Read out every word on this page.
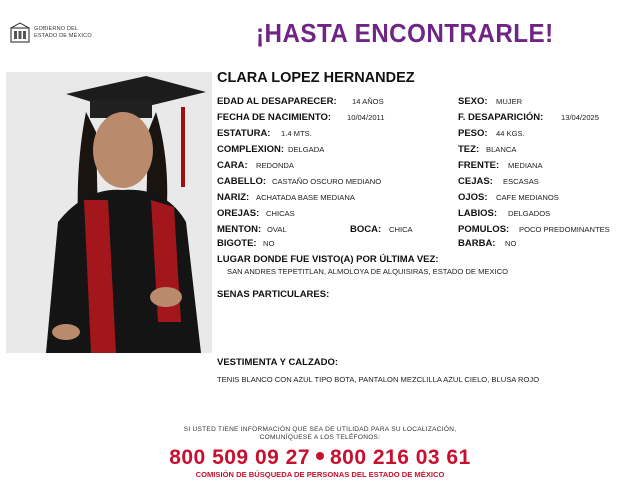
GOBIERNO DEL
ESTADO DE MÉXICO	¡HASTA ENCONTRARLE!
CLARA LOPEZ HERNANDEZ
EDAD AL DESAPARECER: 14 AÑOS
FECHA DE NACIMIENTO: 10/04/2011
ESTATURA: 1.4 MTS.
COMPLEXION: DELGADA
CARA: REDONDA
CABELLO: CASTAÑO OSCURO MEDIANO
NARIZ: ACHATADA BASE MEDIANA
OREJAS: CHICAS
MENTON: OVAL	BOCA: CHICA
BIGOTE: NO
SEXO: MUJER
F. DESAPARICIÓN: 13/04/2025
PESO: 44 KGS.
TEZ: BLANCA
FRENTE: MEDIANA
CEJAS: ESCASAS
OJOS: CAFE MEDIANOS
LABIOS: DELGADOS
POMULOS: POCO PREDOMINANTES
BARBA: NO
LUGAR DONDE FUE VISTO(A) POR ÚLTIMA VEZ:
SAN ANDRES TEPETITLAN, ALMOLOYA DE ALQUISIRAS, ESTADO DE MEXICO
SENAS PARTICULARES:
VESTIMENTA Y CALZADO:
TENIS BLANCO CON AZUL TIPO BOTA, PANTALON MEZCLILLA AZUL CIELO, BLUSA ROJO
SI USTED TIENE INFORMACIÓN QUE SEA DE UTILIDAD PARA SU LOCALIZACIÓN,
COMUNÍQUESE A LOS TELÉFONOS:
800 509 09 27 800 216 03 61
COMISIÓN DE BÚSQUEDA DE PERSONAS DEL ESTADO DE MÉXICO
